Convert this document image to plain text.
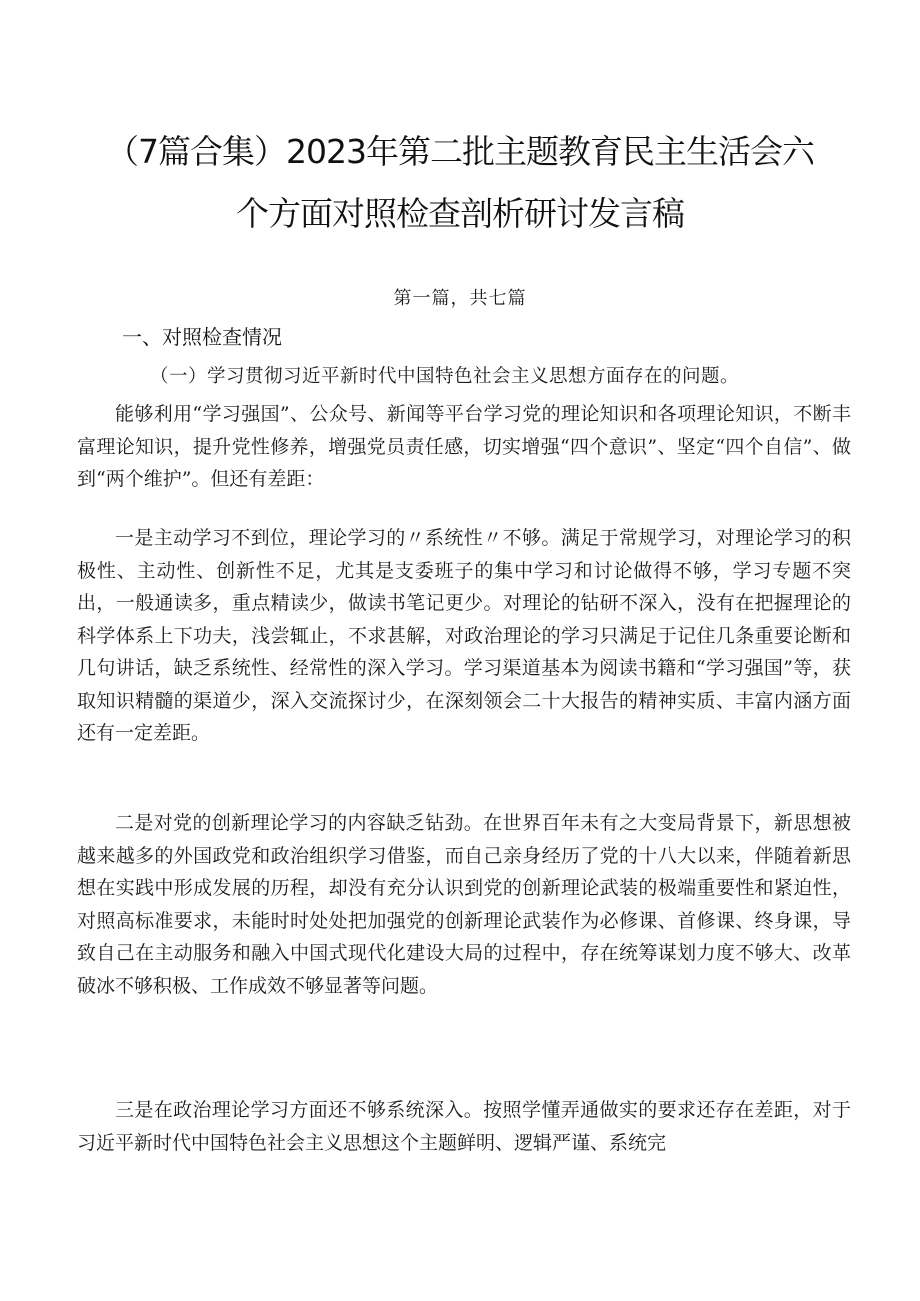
（7篇合集）2023年第二批主题教育民主生活会六
个方面对照检查剖析研讨发言稿
第一篇，共七篇
一、对照检查情况
（一）学习贯彻习近平新时代中国特色社会主义思想方面存在的问题。

能够利用“学习强国”、公众号、新闻等平台学习党的理论知识和各项理论知识，不断丰富理论知识，提升党性修养，增强党员责任感，切实增强“四个意识”、坚定“四个自信”、做到“两个维护”。但还有差距：

一是主动学习不到位，理论学习的〃系统性〃不够。满足于常规学习，对理论学习的积极性、主动性、创新性不足，尤其是支委班子的集中学习和讨论做得不够，学习专题不突出，一般通读多，重点精读少，做读书笔记更少。对理论的钻研不深入，没有在把握理论的科学体系上下功夫，浅尝辄止，不求甚解，对政治理论的学习只满足于记住几条重要论断和几句讲话，缺乏系统性、经常性的深入学习。学习渠道基本为阅读书籍和“学习强国”等，获取知识精髓的渠道少，深入交流探讨少，在深刻领会二十大报告的精神实质、丰富内涵方面还有一定差距。

二是对党的创新理论学习的内容缺乏钻劲。在世界百年未有之大变局背景下，新思想被越来越多的外国政党和政治组织学习借鉴，而自己亲身经历了党的十八大以来，伴随着新思想在实践中形成发展的历程，却没有充分认识到党的创新理论武装的极端重要性和紧迫性，对照高标准要求，未能时时处处把加强党的创新理论武装作为必修课、首修课、终身课，导致自己在主动服务和融入中国式现代化建设大局的过程中，存在统筹谋划力度不够大、改革破冰不够积极、工作成效不够显著等问题。

三是在政治理论学习方面还不够系统深入。按照学懂弄通做实的要求还存在差距，对于习近平新时代中国特色社会主义思想这个主题鲜明、逻辑严谨、系统完
